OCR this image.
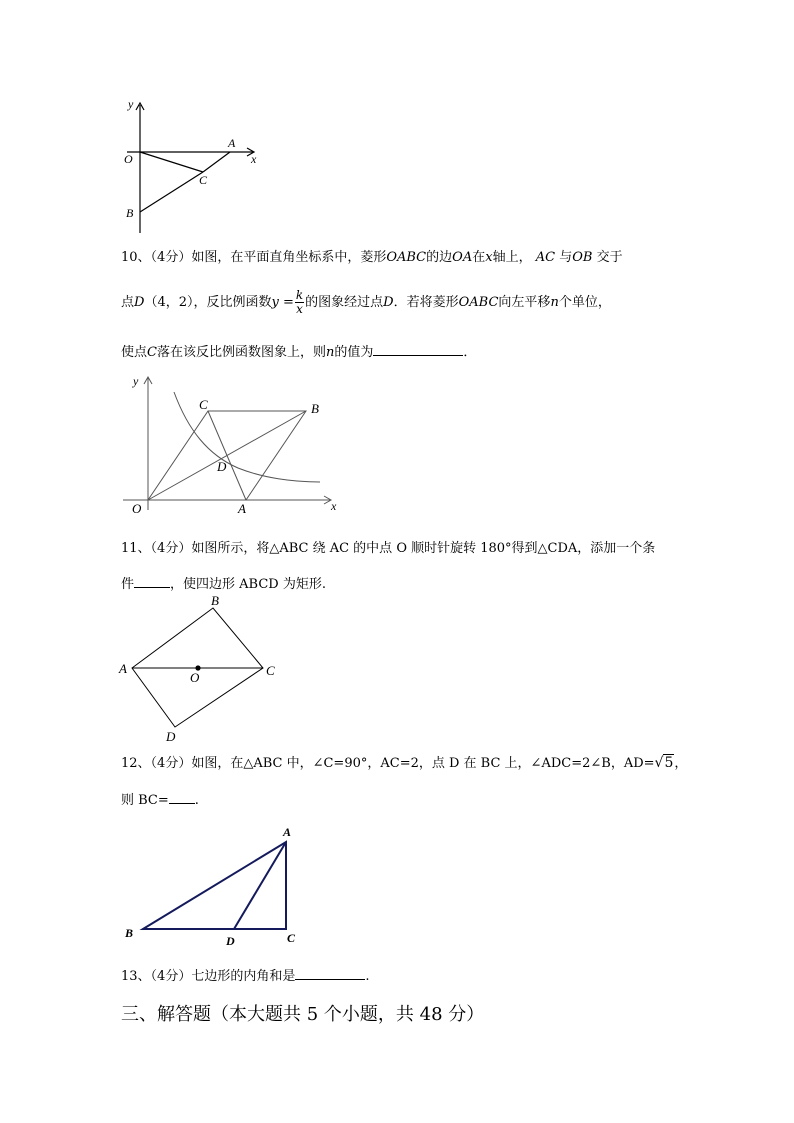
y
x
O
A
C
B
10、（4分）如图，在平面直角坐标系中，菱形OABC的边OA在x轴上， AC 与OB 交于
点D（4，2），反比例函数$y = \frac{k}{x}$ 的图象经过点D．若将菱形OABC向左平移n个单位，
使点C落在该反比例函数图象上，则n的值为	．
y
x
O	A
C	B
D
11、（4分）如图所示，将△ABC 绕 AC 的中点 O 顺时针旋转 180°得到△CDA，添加一个条
件	，使四边形 ABCD 为矩形.
A
B
C
D
O
12、（4分）如图，在△ABC 中，∠C=90°，AC=2，点 D 在 BC 上，∠ADC=2∠B，AD=√5，
则 BC= .
A
B	C
D
13、（4分）七边形的内角和是	.
三、解答题（本大题共 5 个小题，共 48 分）
